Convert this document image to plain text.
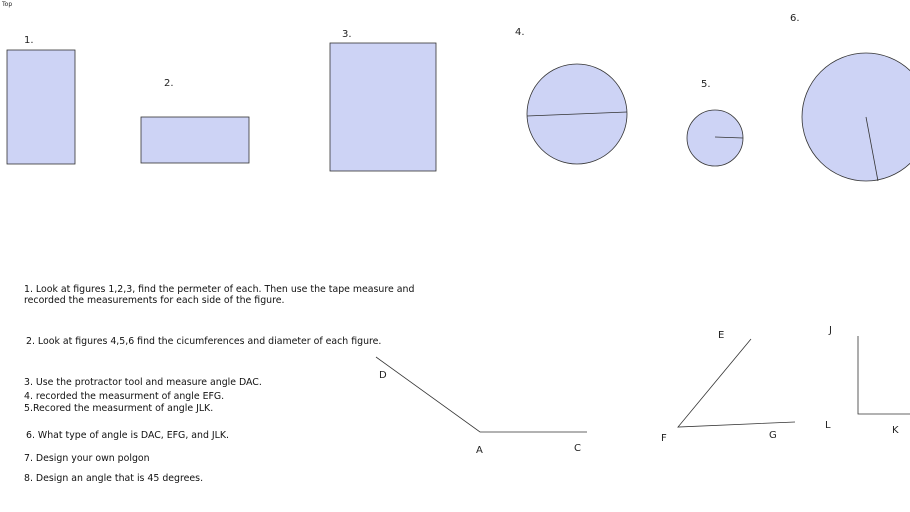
Top
1.
2.
3.	4.
5.
6.
1. Look at figures 1,2,3, find the permeter of each. Then use the tape measure and
recorded the measurements for each side of the figure.
2. Look at figures 4,5,6 find the cicumferences and diameter of each figure.
3. Use the protractor tool and measure angle DAC.
4. recorded the measurment of angle EFG.
5.Recored the measurment of angle JLK.
6. What type of angle is DAC, EFG, and JLK.
7. Design your own polgon
8. Design an angle that is 45 degrees.
D
A	C
E
F	G
J
L	K
